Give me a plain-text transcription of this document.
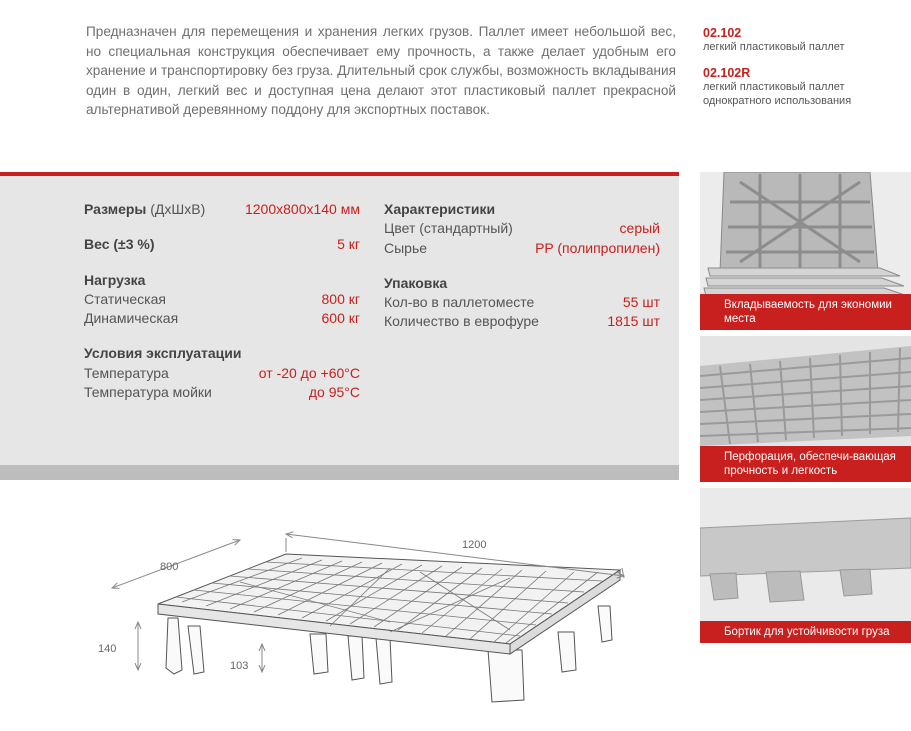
Предназначен для перемещения и хранения легких грузов. Паллет имеет небольшой вес, но специальная конструкция обеспечивает ему прочность, а также делает удобным его хранение и транспортировку без груза. Длительный срок службы, возможность вкладывания один в один, легкий вес и доступная цена делают этот пластиковый паллет прекрасной альтернативой деревянному поддону для экспортных поставок.
02.102
легкий пластиковый паллет
02.102R
легкий пластиковый паллет однократного использования
Размеры (ДхШхВ)	1200x800x140 мм
Вес (±3 %)	5 кг
Нагрузка
Статическая	800 кг
Динамическая	600 кг
Условия эксплуатации
Температура	от -20 до +60°C
Температура мойки	до 95°C
Характеристики
Цвет (стандартный)	серый
Сырье	PP (полипропилен)
Упаковка
Кол-во в паллетоместе	55 шт
Количество в еврофуре	1815 шт
1200
800
140
103
Вкладываемость для экономии места
Перфорация, обеспечи-вающая прочность и легкость
Бортик для устойчивости груза
